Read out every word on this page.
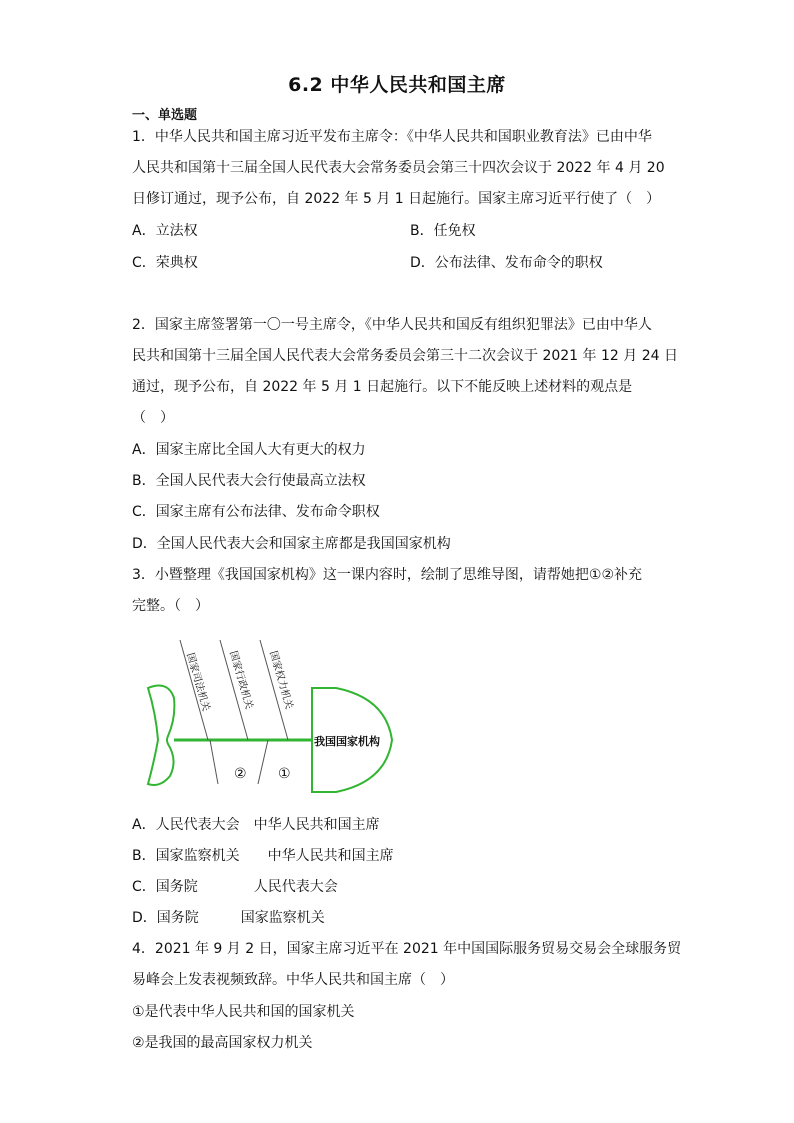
6.2 中华人民共和国主席
一、单选题
1．中华人民共和国主席习近平发布主席令：《中华人民共和国职业教育法》已由中华
人民共和国第十三届全国人民代表大会常务委员会第三十四次会议于 2022 年 4 月 20
日修订通过，现予公布，自 2022 年 5 月 1 日起施行。国家主席习近平行使了（　）
A．立法权	B．任免权
C．荣典权	D．公布法律、发布命令的职权
2．国家主席签署第一〇一号主席令，《中华人民共和国反有组织犯罪法》已由中华人
民共和国第十三届全国人民代表大会常务委员会第三十二次会议于 2021 年 12 月 24 日
通过，现予公布，自 2022 年 5 月 1 日起施行。以下不能反映上述材料的观点是
（　）
A．国家主席比全国人大有更大的权力
B．全国人民代表大会行使最高立法权
C．国家主席有公布法律、发布命令职权
D．全国人民代表大会和国家主席都是我国国家机构
3．小暨整理《我国国家机构》这一课内容时，绘制了思维导图，请帮她把①②补充
完整。（　）
我国国家机构
国家司法机关 国家行政机关 国家权力机关
② ①
A．人民代表大会　中华人民共和国主席
B．国家监察机关　　中华人民共和国主席
C．国务院　　　　人民代表大会
D．国务院　　　国家监察机关
4．2021 年 9 月 2 日，国家主席习近平在 2021 年中国国际服务贸易交易会全球服务贸
易峰会上发表视频致辞。中华人民共和国主席（　）
①是代表中华人民共和国的国家机关
②是我国的最高国家权力机关
